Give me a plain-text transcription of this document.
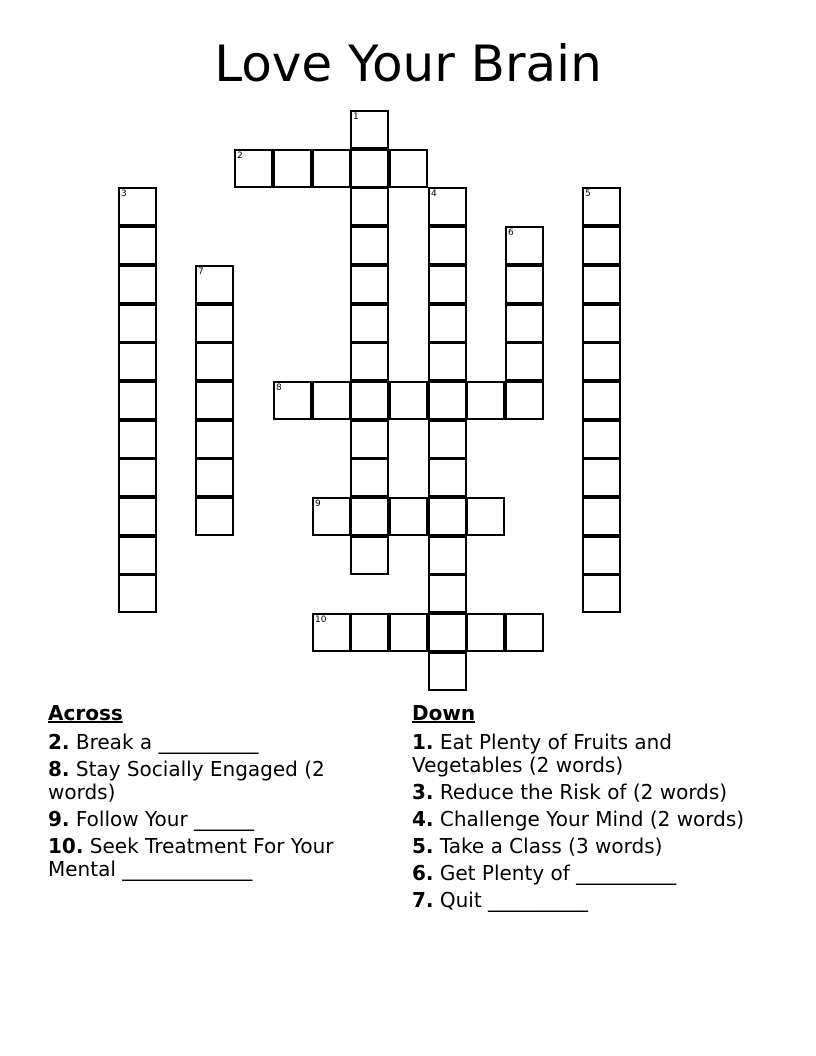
Love Your Brain
1
2
3	4	5
6
7
8
9
10
Across
2. Break a __________
8. Stay Socially Engaged (2 words)
9. Follow Your ______
10. Seek Treatment For Your Mental _____________
Down
1. Eat Plenty of Fruits and Vegetables (2 words)
3. Reduce the Risk of (2 words)
4. Challenge Your Mind (2 words)
5. Take a Class (3 words)
6. Get Plenty of __________
7. Quit __________
